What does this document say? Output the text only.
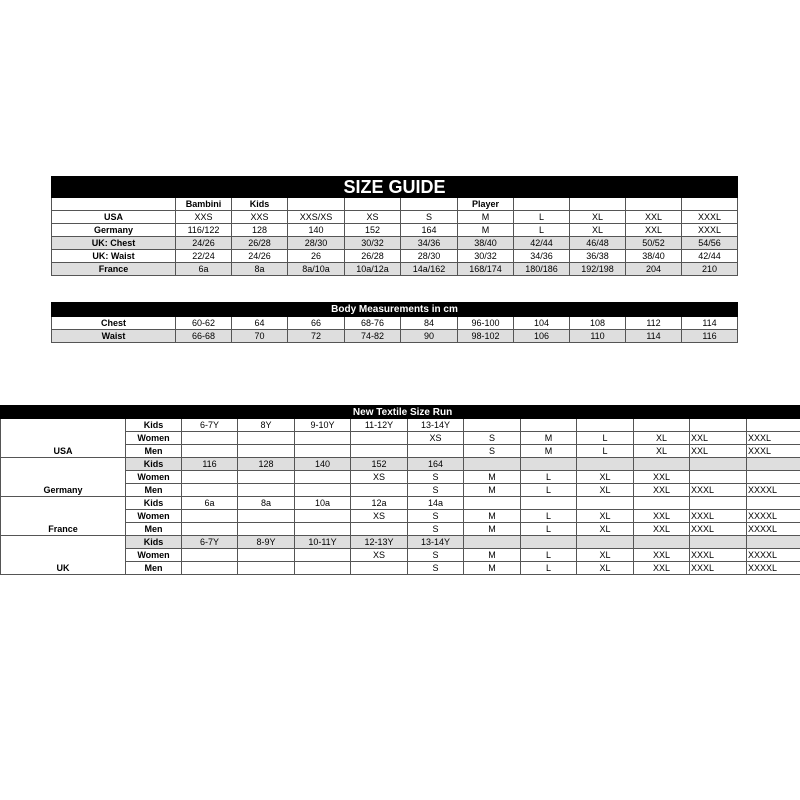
SIZE GUIDE										
	Bambini	Kids				Player				
USA	XXS	XXS	XXS/XS	XS	S	M	L	XL	XXL	XXXL
Germany	116/122	128	140	152	164	M	L	XL	XXL	XXXL
UK: Chest	24/26	26/28	28/30	30/32	34/36	38/40	42/44	46/48	50/52	54/56
UK: Waist	22/24	24/26	26	26/28	28/30	30/32	34/36	36/38	38/40	42/44
France	6a	8a	8a/10a	10a/12a	14a/162	168/174	180/186	192/198	204	210
Body Measurements in cm										
Chest	60-62	64	66	68-76	84	96-100	104	108	112	114
Waist	66-68	70	72	74-82	90	98-102	106	110	114	116
New Textile Size Run												
USA	Kids	6-7Y	8Y	9-10Y	11-12Y	13-14Y						
	Women					XS	S	M	L	XL	XXL	XXXL
	Men						S	M	L	XL	XXL	XXXL
Germany	Kids	116	128	140	152	164						
	Women				XS	S	M	L	XL	XXL		
	Men					S	M	L	XL	XXL	XXXL	XXXXL
France	Kids	6a	8a	10a	12a	14a						
	Women				XS	S	M	L	XL	XXL	XXXL	XXXXL
	Men					S	M	L	XL	XXL	XXXL	XXXXL
UK	Kids	6-7Y	8-9Y	10-11Y	12-13Y	13-14Y						
	Women				XS	S	M	L	XL	XXL	XXXL	XXXXL
	Men					S	M	L	XL	XXL	XXXL	XXXXL
